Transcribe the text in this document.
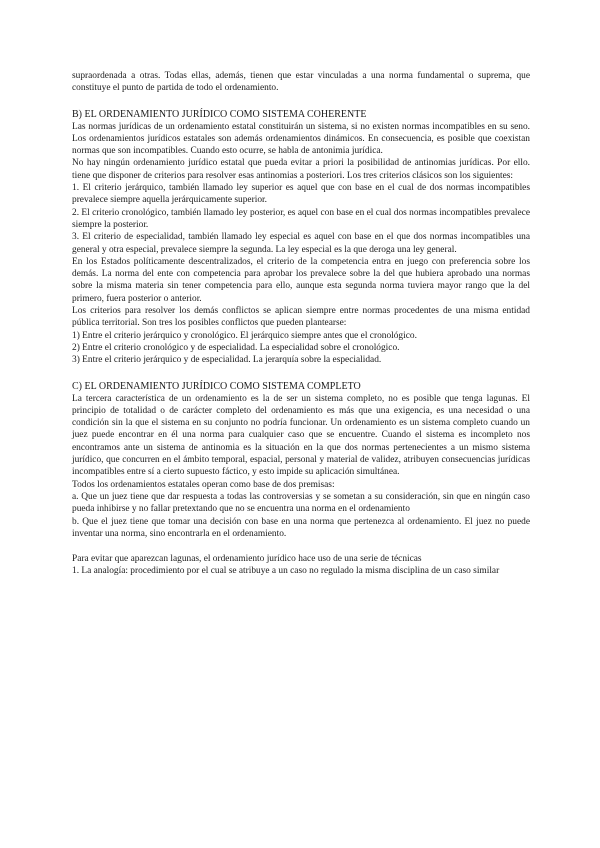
supraordenada a otras. Todas ellas, además, tienen que estar vinculadas a una norma fundamental o suprema, que constituye el punto de partida de todo el ordenamiento.

B) EL ORDENAMIENTO JURÍDICO COMO SISTEMA COHERENTE

Las normas jurídicas de un ordenamiento estatal constituirán un sistema, si no existen normas incompatibles en su seno. Los ordenamientos jurídicos estatales son además ordenamientos dinámicos. En consecuencia, es posible que coexistan normas que son incompatibles. Cuando esto ocurre, se habla de antonimia jurídica.

No hay ningún ordenamiento jurídico estatal que pueda evitar a priori la posibilidad de antinomias jurídicas. Por ello. tiene que disponer de criterios para resolver esas antinomias a posteriori. Los tres criterios clásicos son los siguientes:

1. El criterio jerárquico, también llamado ley superior es aquel que con base en el cual de dos normas incompatibles prevalece siempre aquella jerárquicamente superior.

2. El criterio cronológico, también llamado ley posterior, es aquel con base en el cual dos normas incompatibles prevalece siempre la posterior.

3. El criterio de especialidad, también llamado ley especial es aquel con base en el que dos normas incompatibles una general y otra especial, prevalece siempre la segunda. La ley especial es la que deroga una ley general.

En los Estados políticamente descentralizados, el criterio de la competencia entra en juego con preferencia sobre los demás. La norma del ente con competencia para aprobar los prevalece sobre la del que hubiera aprobado una normas sobre la misma materia sin tener competencia para ello, aunque esta segunda norma tuviera mayor rango que la del primero, fuera posterior o anterior.

Los criterios para resolver los demás conflictos se aplican siempre entre normas procedentes de una misma entidad pública territorial. Son tres los posibles conflictos que pueden plantearse:

1) Entre el criterio jerárquico y cronológico. El jerárquico siempre antes que el cronológico.

2) Entre el criterio cronológico y de especialidad. La especialidad sobre el cronológico.

3) Entre el criterio jerárquico y de especialidad. La jerarquía sobre la especialidad.

C) EL ORDENAMIENTO JURÍDICO COMO SISTEMA COMPLETO

La tercera característica de un ordenamiento es la de ser un sistema completo, no es posible que tenga lagunas. El principio de totalidad o de carácter completo del ordenamiento es más que una exigencia, es una necesidad o una condición sin la que el sistema en su conjunto no podría funcionar. Un ordenamiento es un sistema completo cuando un juez puede encontrar en él una norma para cualquier caso que se encuentre. Cuando el sistema es incompleto nos encontramos ante un sistema de antinomia es la situación en la que dos normas pertenecientes a un mismo sistema jurídico, que concurren en el ámbito temporal, espacial, personal y material de validez, atribuyen consecuencias jurídicas incompatibles entre sí a cierto supuesto fáctico, y esto impide su aplicación simultánea.

Todos los ordenamientos estatales operan como base de dos premisas:

a. Que un juez tiene que dar respuesta a todas las controversias y se sometan a su consideración, sin que en ningún caso pueda inhibirse y no fallar pretextando que no se encuentra una norma en el ordenamiento

b. Que el juez tiene que tomar una decisión con base en una norma que pertenezca al ordenamiento. El juez no puede inventar una norma, sino encontrarla en el ordenamiento.

Para evitar que aparezcan lagunas, el ordenamiento jurídico hace uso de una serie de técnicas

1. La analogía: procedimiento por el cual se atribuye a un caso no regulado la misma disciplina de un caso similar
